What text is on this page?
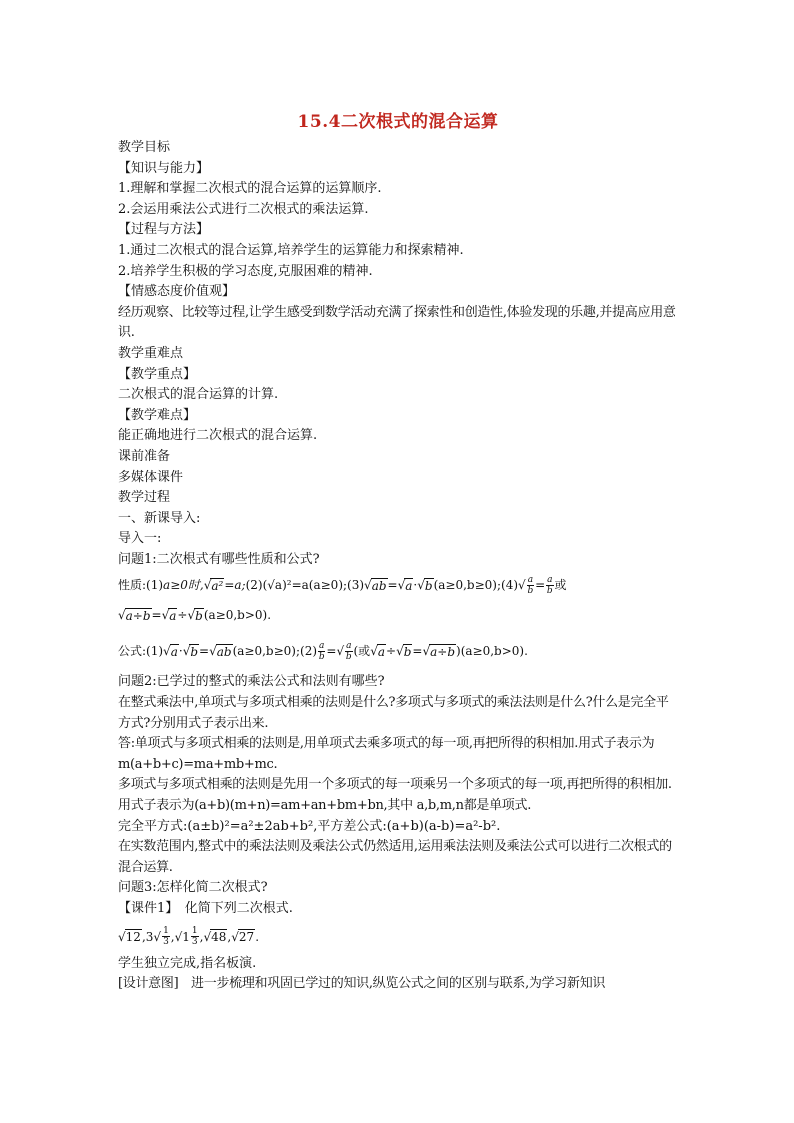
15.4二次根式的混合运算
教学目标
【知识与能力】
1.理解和掌握二次根式的混合运算的运算顺序.
2.会运用乘法公式进行二次根式的乘法运算.
【过程与方法】
1.通过二次根式的混合运算,培养学生的运算能力和探索精神.
2.培养学生积极的学习态度,克服困难的精神.
【情感态度价值观】
经历观察、比较等过程,让学生感受到数学活动充满了探索性和创造性,体验发现的乐趣,并提高应用意识.
教学重难点
【教学重点】
二次根式的混合运算的计算.
【教学难点】
能正确地进行二次根式的混合运算.
课前准备
多媒体课件
教学过程
一、新课导入:
导入一:
问题1:二次根式有哪些性质和公式?
性质: (1) a≥0时, √ a² =a; (2)(√a)²=a(a≥0); (3) √ ab = √ a · √ b (a≥0,b≥0); (4) √ $\frac{a}{b} = \frac{a}{b}$ 或
√ a÷b = √ a ÷ √ b (a≥0,b>0).
公式: (1) √ a · √ b = √ ab (a≥0,b≥0); $(2) \frac{a}{b}$ = √ $\frac{a}{b}$ (或 √ a ÷ √ b = √ a÷b )(a≥0,b>0).
问题2:已学过的整式的乘法公式和法则有哪些?
在整式乘法中,单项式与多项式相乘的法则是什么?多项式与多项式的乘法法则是什么?什么是完全平方式?分别用式子表示出来.
答:单项式与多项式相乘的法则是,用单项式去乘多项式的每一项,再把所得的积相加.用式子表示为 m(a+b+c)=ma+mb+mc.
多项式与多项式相乘的法则是先用一个多项式的每一项乘另一个多项式的每一项,再把所得的积相加.用式子表示为(a+b)(m+n)=am+an+bm+bn,其中 a,b,m,n都是单项式.
完全平方式:(a±b)²=a²±2ab+b²,平方差公式:(a+b)(a-b)=a²-b².
在实数范围内,整式中的乘法法则及乘法公式仍然适用,运用乘法法则及乘法公式可以进行二次根式的混合运算.
问题3:怎样化简二次根式?
【课件1】　化简下列二次根式.
√ 12 , 3 √ $\frac{1}{3}$ , √ $1 \frac{1}{3}$ , √ 48 , √ 27 .
学生独立完成,指名板演.
[设计意图]　进一步梳理和巩固已学过的知识,纵览公式之间的区别与联系,为学习新知识
